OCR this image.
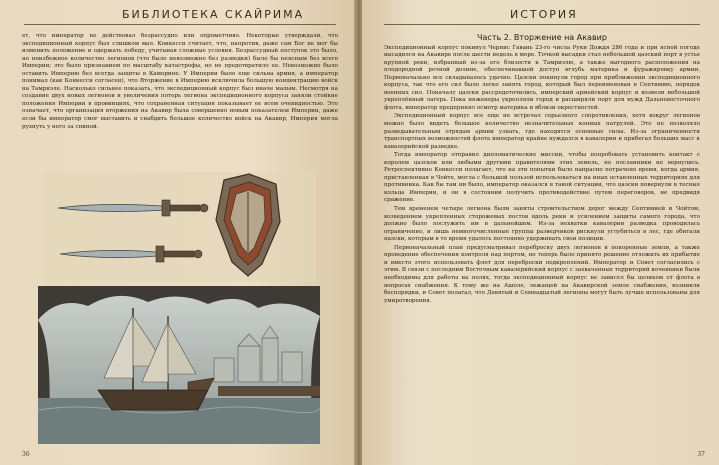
БИБЛИОТЕКА СКАЙРИМА

ет, что император не действовал безрассудно или опрометчиво. Некоторые утверждали, что экспедиционный корпус был слишком мал. Конкесси считает, что, напротив, даже сам Бог не мог бы изменить положение и одержать победу, учитывая сложные условия. Безрассудный поступок это было, но неизбежное количество легионов (что было невозможно без разведки) было бы неясным без всего Империи; это было признанием по масштабу катастрофы, но не предотвратило ее. Невозможно было оставить Империю без всегда защиты в Каморине. У Империи было еще сильна армия, а император понимал (как Конкесси согласен), что Вторжение в Империю исключила большую концентрацию войск на Тамриэле. Насколько сильнее показать, что экспедиционный корпус был иначе малым. Несмотря на создание двух новых легионов и увеличения потерь легиона экспедиционного корпуса заняли стойкие положения Империи в провинциях, что сохраненная ситуация показывает ее всем очевидностью. Это означает, что организация вторжения на Акавир была совершенно новым показателем Империи, даже если бы император смог выставить и снабдить большое количество войск на Акавир, Империя могла рухнуть у него за спиной.

36
ИСТОРИЯ
Часть 2. Вторжение на Акавир

Экспедиционный корпус покинул Чернис Гавань 23-го числа Руки Дождя 286 года и при ясной погоде высадился на Акавире после шести недель в море. Точкой высадки стал небольшой цаэский порт в устье крупной реки, избранный из-за его близости к Тамриэлю, а также выгодного расположения на плодородной речной долине, обеспечивавшей доступ вглубь материка и фуражировку армии. Первоначально все складывалось удачно. Цаэски покинули город при приближении экспедиционного корпуса, так что его сил было легко занять город, который был переименован в Септимию, порядок военных сил. Поначалу цаэски рассредоточились, имперский армейский корпус и возвели небольшой укреплённый лагерь. Пока инженеры укрепляли город и расширяли порт для нужд Дальневосточного флота, император предпринял осмотр материка и вблизи окрестностей.

Экспедиционный корпус все еще не встречал серьезного сопротивления, хотя вокруг легионов можно было видеть большое количество незначительных конных патрулей. Это не позволяло разведывательным отрядам армии узнать, где находятся основные силы. Из-за ограниченности транспортных возможностей флота император крайне нуждался в кавалерии и прибегал больших масс к кавалерийской разведке.

Тогда император отправил дипломатические миссии, чтобы попробовать установить контакт с королем цаэсков или любыми другими правителями этих земель, но посланники не вернулись. Ретроспективно Конкесси полагает, что на эти попытки было напрасно потрачено время, когда армия, приставленная в Чойте, могла с большой пользой использоваться на иных оставленных территориях для противника. Как бы там ни было, император оказался в такой ситуации, что цаэски повернули в тесные кольца Империи, и он в состоянии получить противодействие путем переговоров, не предвидя сражение.

Тем временем четыре легиона были заняты строительством дорог между Септимией и Чойтом, возведением укрепленных сторожевых постов вдоль реки и усилением защиты самого города, что должно было послужить им в дальнейшем. Из-за нехватки кавалерии разведка проводилась ограниченно, и лишь немногочисленные группы разведчиков рискнули углубиться в лес, где обитали цаэски, которым в то время удалось постоянно удерживать свои позиции.

Первоначальный план предусматривал переброску двух легионов в покоренные земли, а также проведение обеспечения контроля над портом, но теперь было принято решение отложить их прибытие и вместо этого использовать флот для переброски подкреплений. Император и Совет согласились с этим. В связи с последним Восточным кавалерийский корпус с захваченных территорий кочевники были необходимы для работы на полях, тогда экспедиционный корпус не зависел бы целиком от флота в вопросах снабжения. К тому же на Ашоле, лежащей на Акавирской земле снабжения, возникли беспорядки, и Совет полагал, что Девятый и Семнадцатый легионы могут быть лучше использованы для умиротворения.

37
